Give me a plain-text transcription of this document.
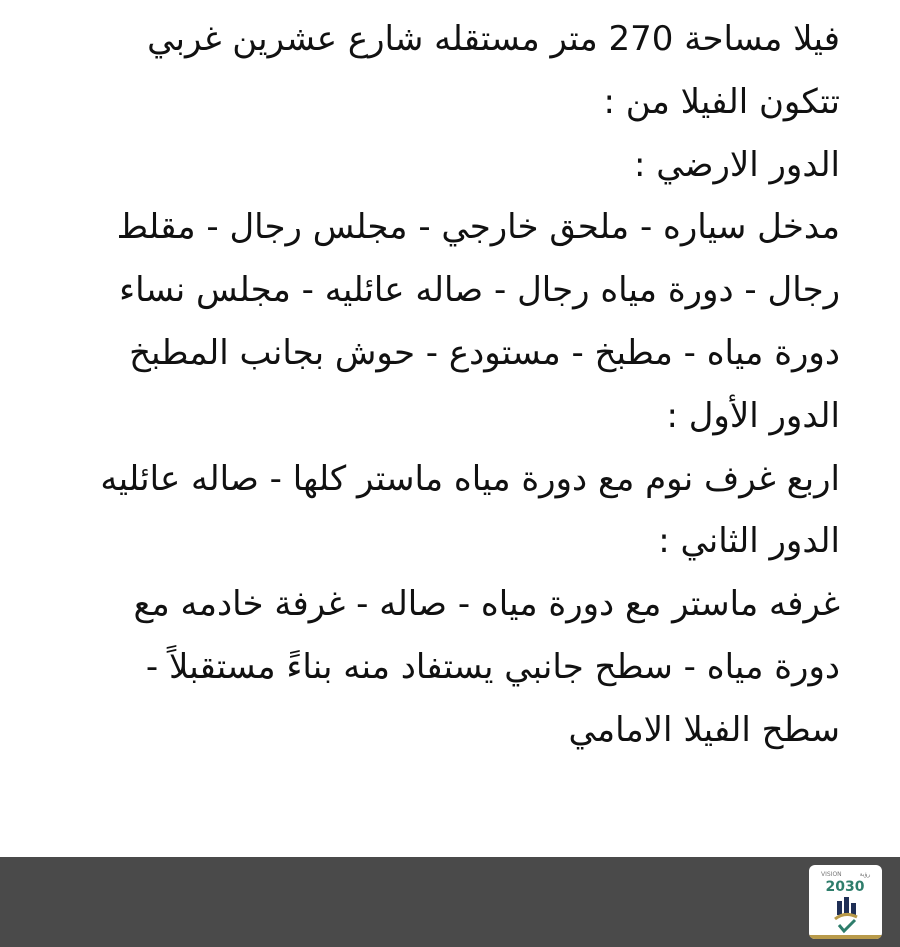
فيلا مساحة 270 متر مستقله شارع عشرين غربي

تتكون الفيلا من :

الدور الارضي :

مدخل سياره - ملحق خارجي - مجلس رجال - مقلط

رجال - دورة مياه رجال - صاله عائليه - مجلس نساء

دورة مياه - مطبخ - مستودع - حوش بجانب المطبخ

الدور الأول :

اربع غرف نوم مع دورة مياه ماستر كلها - صاله عائليه

الدور الثاني :

غرفه ماستر مع دورة مياه - صاله - غرفة خادمه مع

دورة مياه - سطح جانبي يستفاد منه بناءً مستقبلاً -

سطح الفيلا الامامي

VISION	رؤية
2030
